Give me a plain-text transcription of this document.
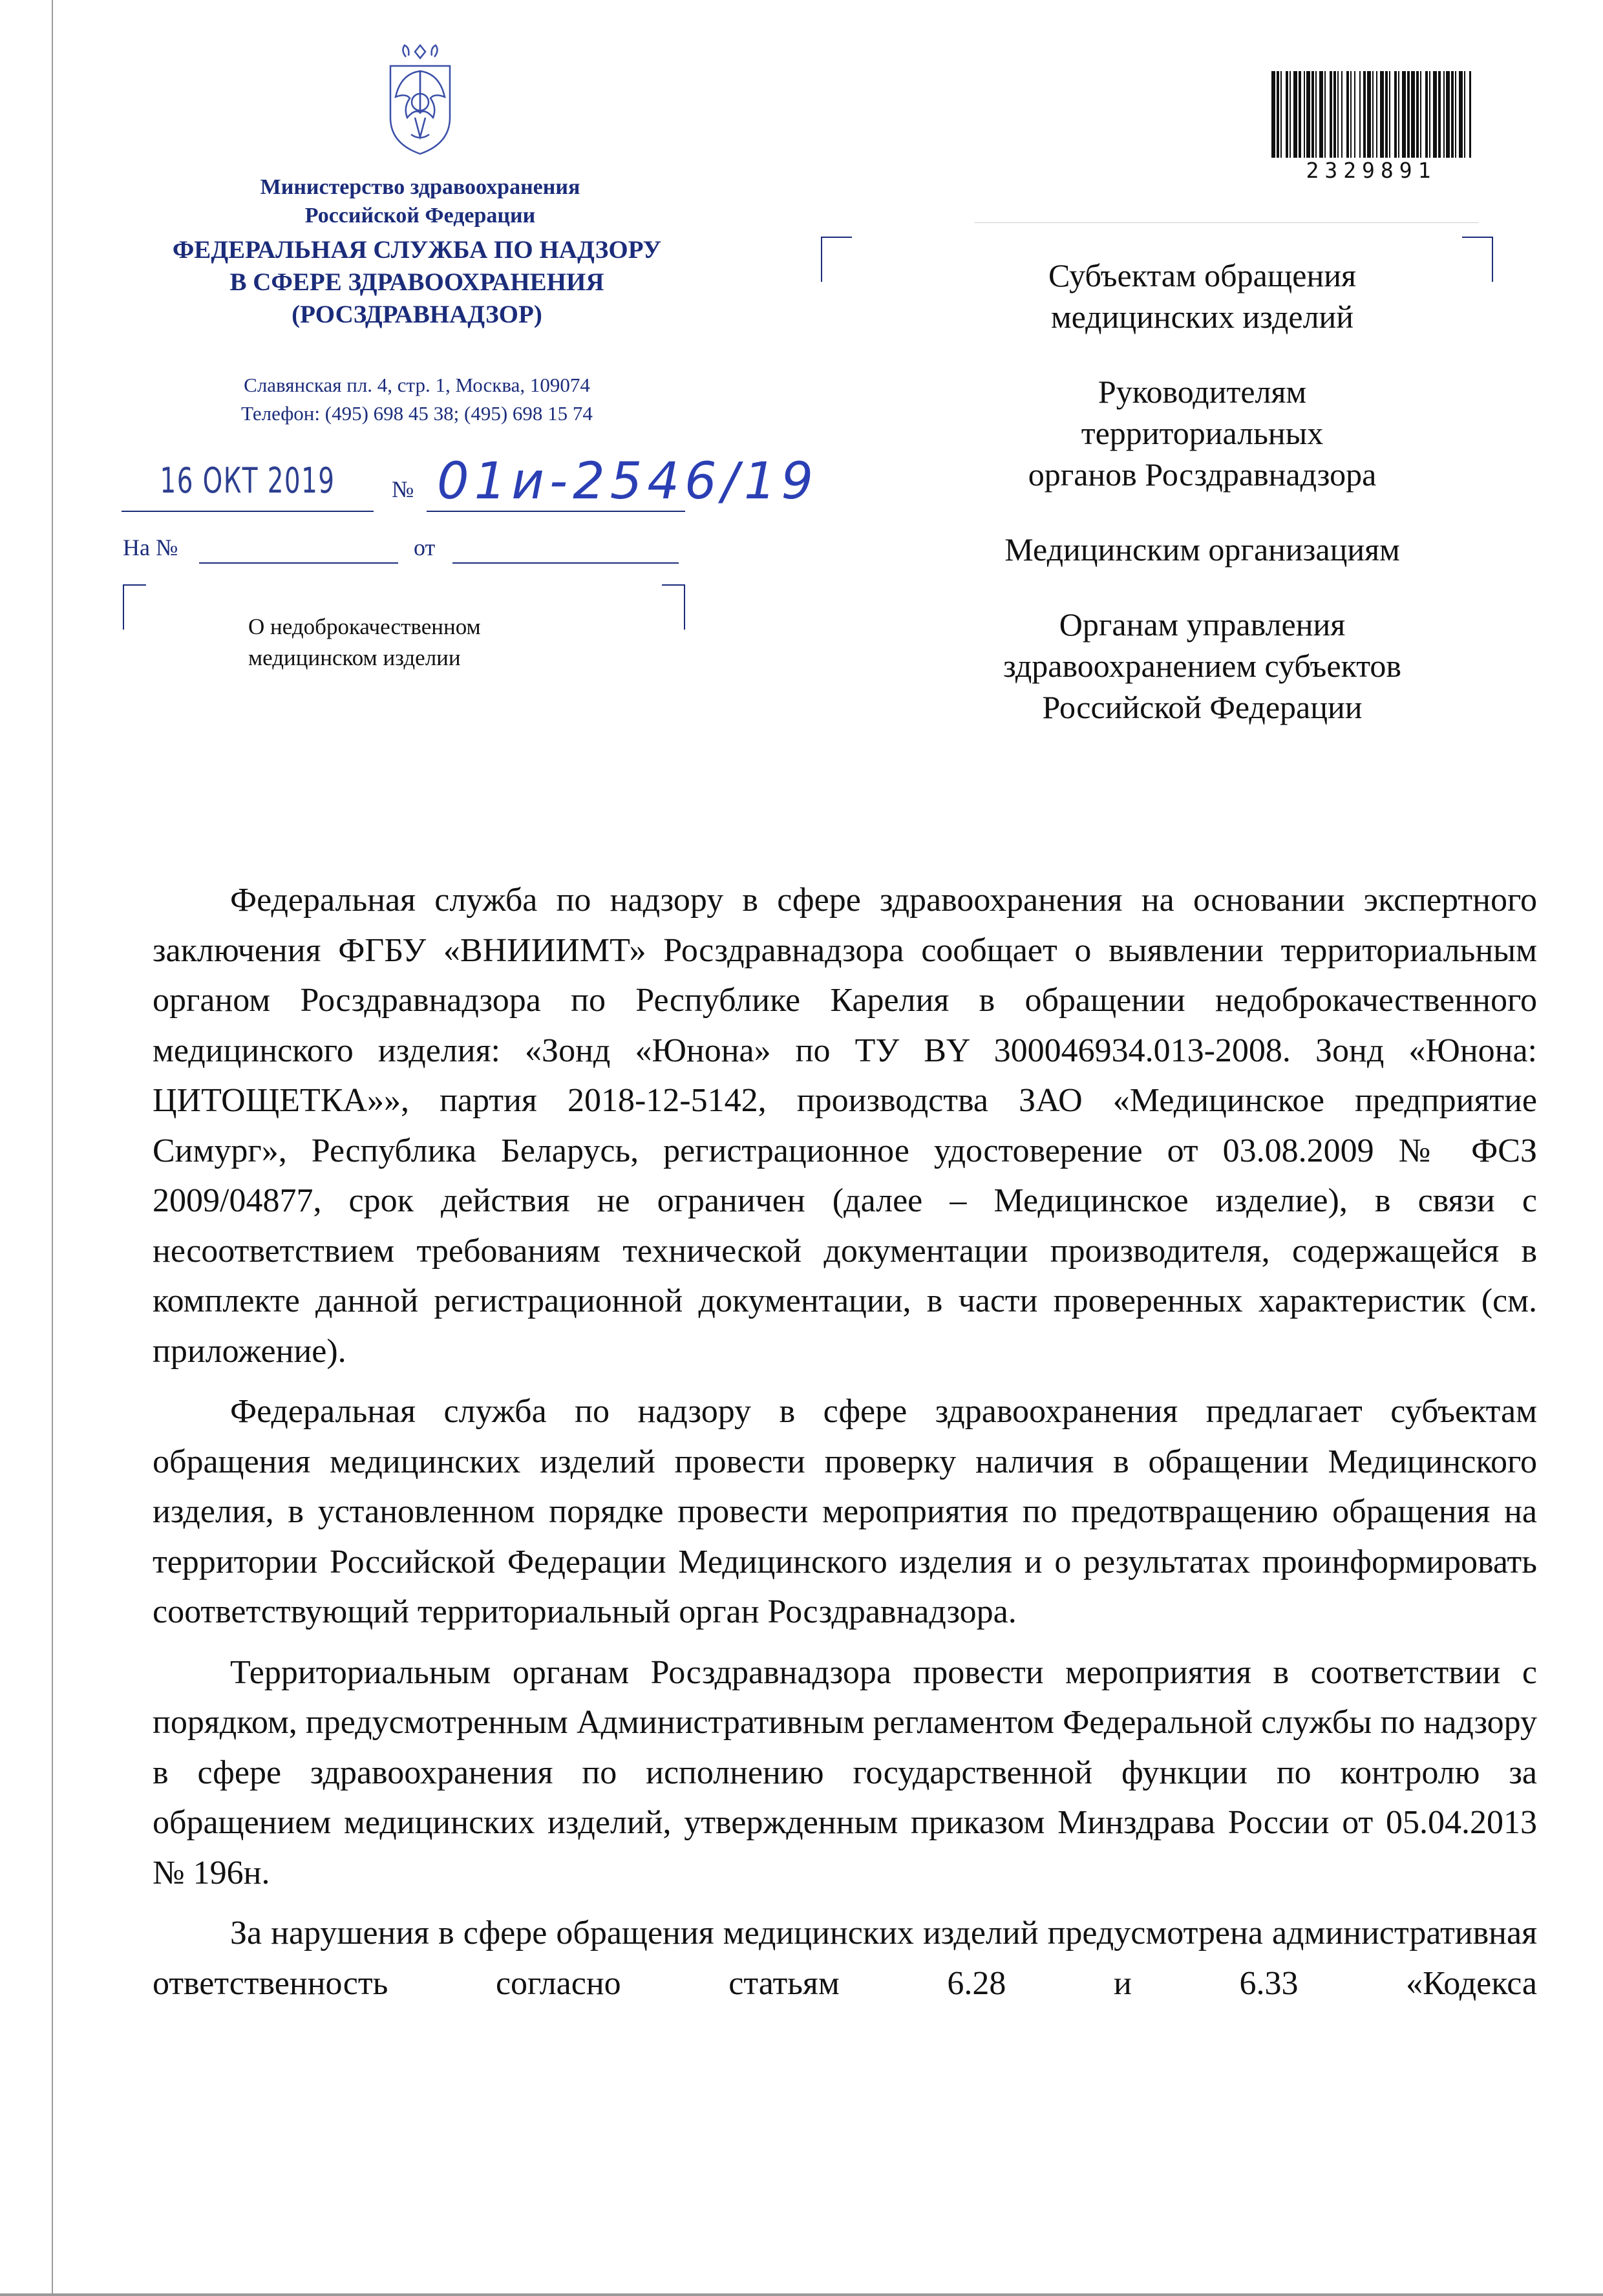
Министерство здравоохранения
Российской Федерации
ФЕДЕРАЛЬНАЯ СЛУЖБА ПО НАДЗОРУ
В СФЕРЕ ЗДРАВООХРАНЕНИЯ
(РОСЗДРАВНАДЗОР)
Славянская пл. 4, стр. 1, Москва, 109074
Телефон: (495) 698 45 38; (495) 698 15 74
16 ОКТ 2019 № 01и-2546/19
На №	от
О недоброкачественном
медицинском изделии
2329891
Субъектам обращения
медицинских изделий
Руководителям
территориальных
органов Росздравнадзора
Медицинским организациям
Органам управления
здравоохранением субъектов
Российской Федерации

Федеральная служба по надзору в сфере здравоохранения на основании экспертного заключения ФГБУ «ВНИИИМТ» Росздравнадзора сообщает о выявлении территориальным органом Росздравнадзора по Республике Карелия в обращении недоброкачественного медицинского изделия: «Зонд «Юнона» по ТУ BY 300046934.013-2008. Зонд «Юнона: ЦИТОЩЕТКА»», партия 2018-12-5142, производства ЗАО «Медицинское предприятие Симург», Республика Беларусь, регистрационное удостоверение от 03.08.2009 № ФСЗ 2009/04877, срок действия не ограничен (далее – Медицинское изделие), в связи с несоответствием требованиям технической документации производителя, содержащейся в комплекте данной регистрационной документации, в части проверенных характеристик (см. приложение).

Федеральная служба по надзору в сфере здравоохранения предлагает субъектам обращения медицинских изделий провести проверку наличия в обращении Медицинского изделия, в установленном порядке провести мероприятия по предотвращению обращения на территории Российской Федерации Медицинского изделия и о результатах проинформировать соответствующий территориальный орган Росздравнадзора.

Территориальным органам Росздравнадзора провести мероприятия в соответствии с порядком, предусмотренным Административным регламентом Федеральной службы по надзору в сфере здравоохранения по исполнению государственной функции по контролю за обращением медицинских изделий, утвержденным приказом Минздрава России от 05.04.2013 № 196н.

За нарушения в сфере обращения медицинских изделий предусмотрена административная ответственность согласно статьям 6.28 и 6.33 «Кодекса
